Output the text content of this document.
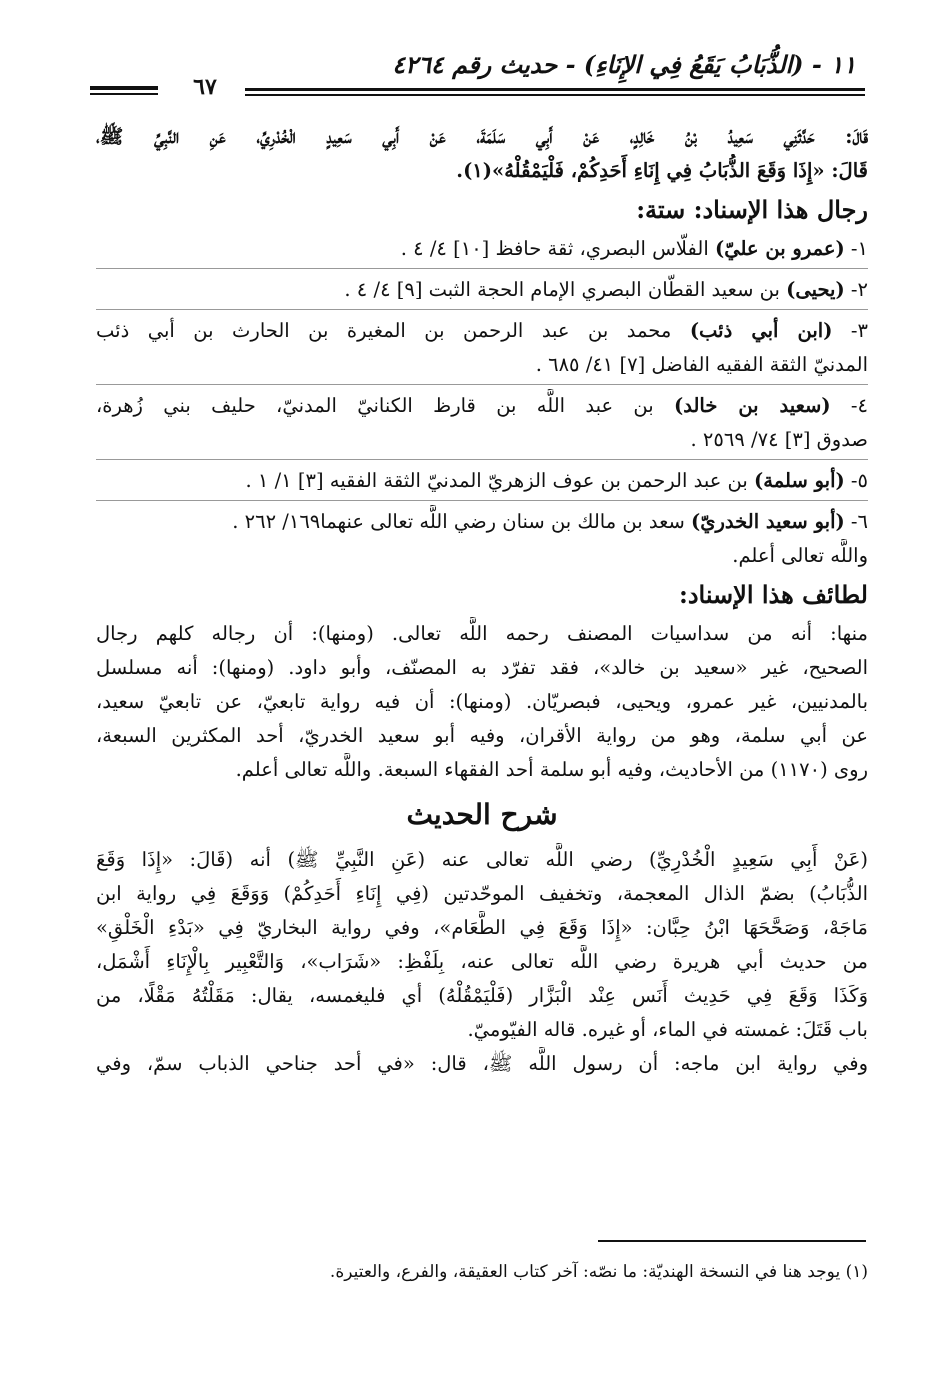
١١ - (الذُّبَابُ يَقَعُ فِي الإِنَاءِ) - حديث رقم ٤٢٦٤
٦٧
قَالَ: حَدَّثَنِي سَعِيدُ بْنُ خَالِدٍ، عَنْ أَبِي سَلَمَةَ، عَنْ أَبِي سَعِيدٍ الْخُدْرِيِّ، عَنِ النَّبِيِّ ﷺ،
قَالَ: «إِذَا وَقَعَ الذُّبَابُ فِي إِنَاءِ أَحَدِكُمْ، فَلْيَمْقُلْهُ»(١).
رجال هذا الإسناد: ستة:
١- (عمرو بن عليّ) الفلّاس البصري، ثقة حافظ [١٠] ٤/ ٤ .
٢- (يحيى) بن سعيد القطّان البصري الإمام الحجة الثبت [٩] ٤/ ٤ .
٣- (ابن أبي ذئب) محمد بن عبد الرحمن بن المغيرة بن الحارث بن أبي ذئب
المدنيّ الثقة الفقيه الفاضل [٧] ٤١/ ٦٨٥ .
٤- (سعيد بن خالد) بن عبد اللَّه بن قارظ الكنانيّ المدنيّ، حليف بني زُهرة،
صدوق [٣] ٧٤/ ٢٥٦٩ .
٥- (أبو سلمة) بن عبد الرحمن بن عوف الزهريّ المدنيّ الثقة الفقيه [٣] ١/ ١ .
٦- (أبو سعيد الخدريّ) سعد بن مالك بن سنان رضي اللَّه تعالى عنهما١٦٩/ ٢٦٢ .
واللَّه تعالى أعلم.
لطائف هذا الإسناد:
منها: أنه من سداسيات المصنف رحمه اللَّه تعالى. (ومنها): أن رجاله كلهم رجال
الصحيح، غير «سعيد بن خالد»، فقد تفرّد به المصنّف، وأبو داود. (ومنها): أنه مسلسل
بالمدنيين، غير عمرو، ويحيى، فبصريّان. (ومنها): أن فيه رواية تابعيّ، عن تابعيّ سعيد،
عن أبي سلمة، وهو من رواية الأقران، وفيه أبو سعيد الخدريّ، أحد المكثرين السبعة،
روى (١١٧٠) من الأحاديث، وفيه أبو سلمة أحد الفقهاء السبعة. واللَّه تعالى أعلم.
شرح الحديث
(عَنْ أَبِي سَعِيدٍ الْخُدْرِيِّ) رضي اللَّه تعالى عنه (عَنِ النَّبِيِّ ﷺ) أنه (قَالَ: «إِذَا وَقَعَ
الذُّبَابُ) بضمّ الذال المعجمة، وتخفيف الموحّدتين (فِي إِنَاءِ أَحَدِكُمْ) وَوَقَعَ فِي رواية ابن
مَاجَهْ، وَصَحَّحَهَا ابْنُ حِبَّان: «إِذَا وَقَعَ فِي الطَّعَام»، وفي رواية البخاريّ فِي «بَدْءِ الْخَلْقِ»
من حديث أبي هريرة رضي اللَّه تعالى عنه، بِلَفْظِ: «شَرَاب»، وَالتَّعْبِير بِالْإِنَاءِ أَشْمَل،
وَكَذَا وَقَعَ فِي حَدِيث أَنَس عِنْد الْبَزَّار (فَلْيَمْقُلْهُ) أي فليغمسه، يقال: مَقَلْتُهُ مَقْلًا، من
باب قَتَلَ: غمسته في الماء، أو غيره. قاله الفيّوميّ.
وفي رواية ابن ماجه: أن رسول اللَّه ﷺ، قال: «في أحد جناحي الذباب سمّ، وفي
(١) يوجد هنا في النسخة الهنديّة: ما نصّه: آخر كتاب العقيقة، والفرع، والعتيرة.
